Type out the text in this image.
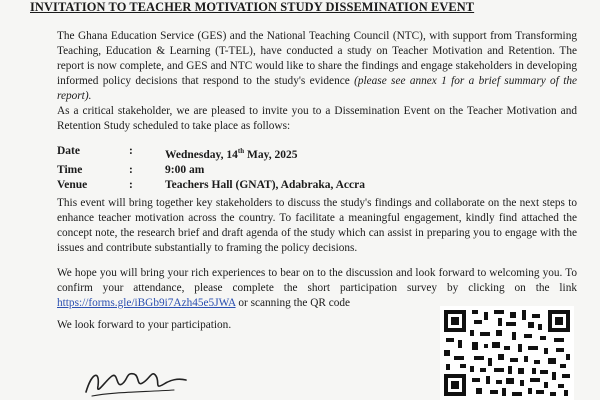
INVITATION TO TEACHER MOTIVATION STUDY DISSEMINATION EVENT

The Ghana Education Service (GES) and the National Teaching Council (NTC), with support from Transforming Teaching, Education & Learning (T-TEL), have conducted a study on Teacher Motivation and Retention. The report is now complete, and GES and NTC would like to share the findings and engage stakeholders in developing informed policy decisions that respond to the study's evidence (please see annex 1 for a brief summary of the report).

As a critical stakeholder, we are pleased to invite you to a Dissemination Event on the Teacher Motivation and Retention Study scheduled to take place as follows:

Date	:	Wednesday, 14th May, 2025
Time	:	9:00 am
Venue	:	Teachers Hall (GNAT), Adabraka, Accra

This event will bring together key stakeholders to discuss the study's findings and collaborate on the next steps to enhance teacher motivation across the country. To facilitate a meaningful engagement, kindly find attached the concept note, the research brief and draft agenda of the study which can assist in preparing you to engage with the issues and contribute substantially to framing the policy decisions.

We hope you will bring your rich experiences to bear on to the discussion and look forward to welcoming you. To confirm your attendance, please complete the short participation survey by clicking on the link https://forms.gle/iBGb9i7Azh45e5JWA or scanning the QR code

We look forward to your participation.
